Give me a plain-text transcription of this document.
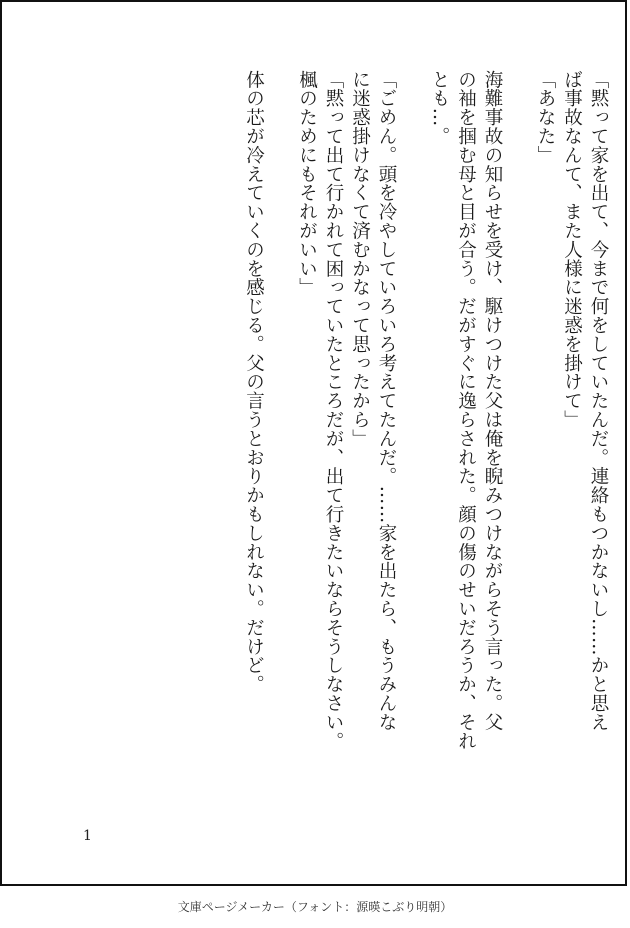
「黙って家を出て、今まで何をしていたんだ。連絡もつかないし……かと思え
ば事故なんて、また人様に迷惑を掛けて」
「あなた」
海難事故の知らせを受け、駆けつけた父は俺を睨みつけながらそう言った。父
の袖を掴む母と目が合う。だがすぐに逸らされた。顔の傷のせいだろうか、それ
とも…。
「ごめん。頭を冷やしていろいろ考えてたんだ。……家を出たら、もうみんな
に迷惑掛けなくて済むかなって思ったから」
「黙って出て行かれて困っていたところだが、出て行きたいならそうしなさい。
楓のためにもそれがいい」
体の芯が冷えていくのを感じる。父の言うとおりかもしれない。だけど。
1
文庫ページメーカー（フォント：源暎こぶり明朝）
